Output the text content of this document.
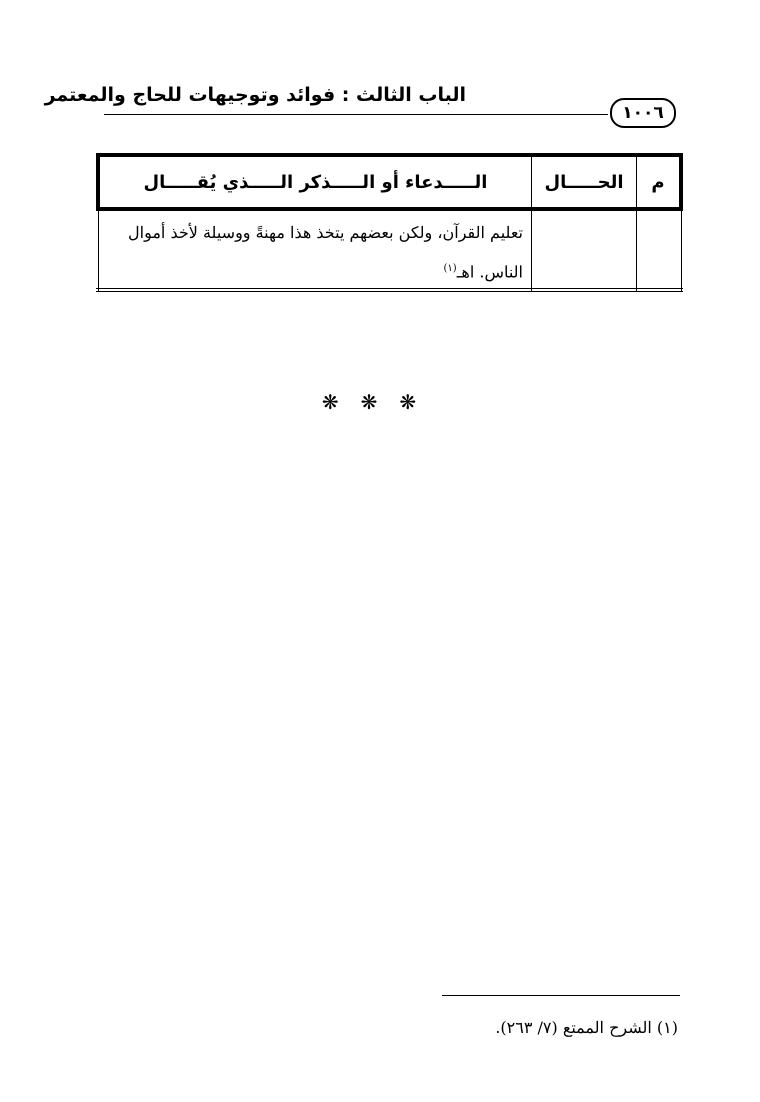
الباب الثالث : فوائد وتوجيهات للحاج والمعتمر
١٠٠٦
م	الحـــــال	الـــــدعاء أو الـــــذكر الـــــذي يُقـــــال
		تعليم القرآن، ولكن بعضهم يتخذ هذا مهنةً ووسيلة لأخذ أموال الناس. اهـ$^{(١)}$
❋❋❋
(١) الشرح الممتع (٧/ ٢٦٣).
